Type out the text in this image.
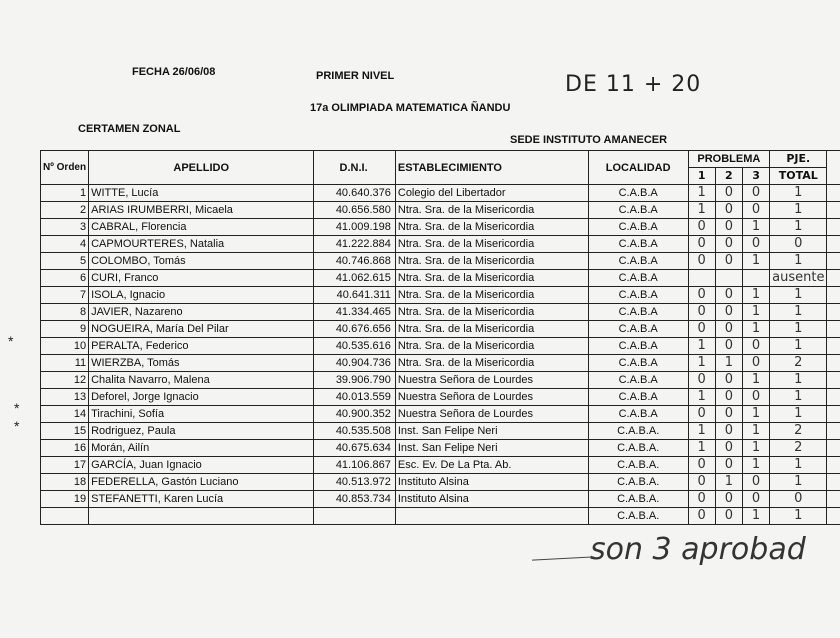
FECHA 26/06/08	PRIMER NIVEL
17a OLIMPIADA MATEMATICA ÑANDU
CERTAMEN ZONAL
SEDE INSTITUTO AMANECER
DE 11 + 20
Nº Orden	APELLIDO	D.N.I.	ESTABLECIMIENTO	LOCALIDAD	PROBLEMA			PJE.	
					1	2	3	TOTAL	
1	WITTE, Lucía	40.640.376	Colegio del Libertador	C.A.B.A	1	0	0	1	
2	ARIAS IRUMBERRI, Micaela	40.656.580	Ntra. Sra. de la Misericordia	C.A.B.A	1	0	0	1	
3	CABRAL, Florencia	41.009.198	Ntra. Sra. de la Misericordia	C.A.B.A	0	0	1	1	
4	CAPMOURTERES, Natalia	41.222.884	Ntra. Sra. de la Misericordia	C.A.B.A	0	0	0	0	
5	COLOMBO, Tomás	40.746.868	Ntra. Sra. de la Misericordia	C.A.B.A	0	0	1	1	
6	CURI, Franco	41.062.615	Ntra. Sra. de la Misericordia	C.A.B.A				ausente	
7	ISOLA, Ignacio	40.641.311	Ntra. Sra. de la Misericordia	C.A.B.A	0	0	1	1	
8	JAVIER, Nazareno	41.334.465	Ntra. Sra. de la Misericordia	C.A.B.A	0	0	1	1	
9	NOGUEIRA, María Del Pilar	40.676.656	Ntra. Sra. de la Misericordia	C.A.B.A	0	0	1	1	
10	PERALTA, Federico	40.535.616	Ntra. Sra. de la Misericordia	C.A.B.A	1	0	0	1	
11	WIERZBA, Tomás	40.904.736	Ntra. Sra. de la Misericordia	C.A.B.A	1	1	0	2	
12	Chalita Navarro, Malena	39.906.790	Nuestra Señora de Lourdes	C.A.B.A	0	0	1	1	
13	Deforel, Jorge Ignacio	40.013.559	Nuestra Señora de Lourdes	C.A.B.A	1	0	0	1	
14	Tirachini, Sofía	40.900.352	Nuestra Señora de Lourdes	C.A.B.A	0	0	1	1	
15	Rodriguez, Paula	40.535.508	Inst. San Felipe Neri	C.A.B.A.	1	0	1	2	
16	Morán, Ailín	40.675.634	Inst. San Felipe Neri	C.A.B.A.	1	0	1	2	
17	GARCÍA, Juan Ignacio	41.106.867	Esc. Ev. De La Pta. Ab.	C.A.B.A.	0	0	1	1	
18	FEDERELLA, Gastón Luciano	40.513.972	Instituto Alsina	C.A.B.A.	0	1	0	1	
19	STEFANETTI, Karen Lucía	40.853.734	Instituto Alsina	C.A.B.A.	0	0	0	0	
				C.A.B.A.	0	0	1	1	
*
*
*
son 3 aprobad
